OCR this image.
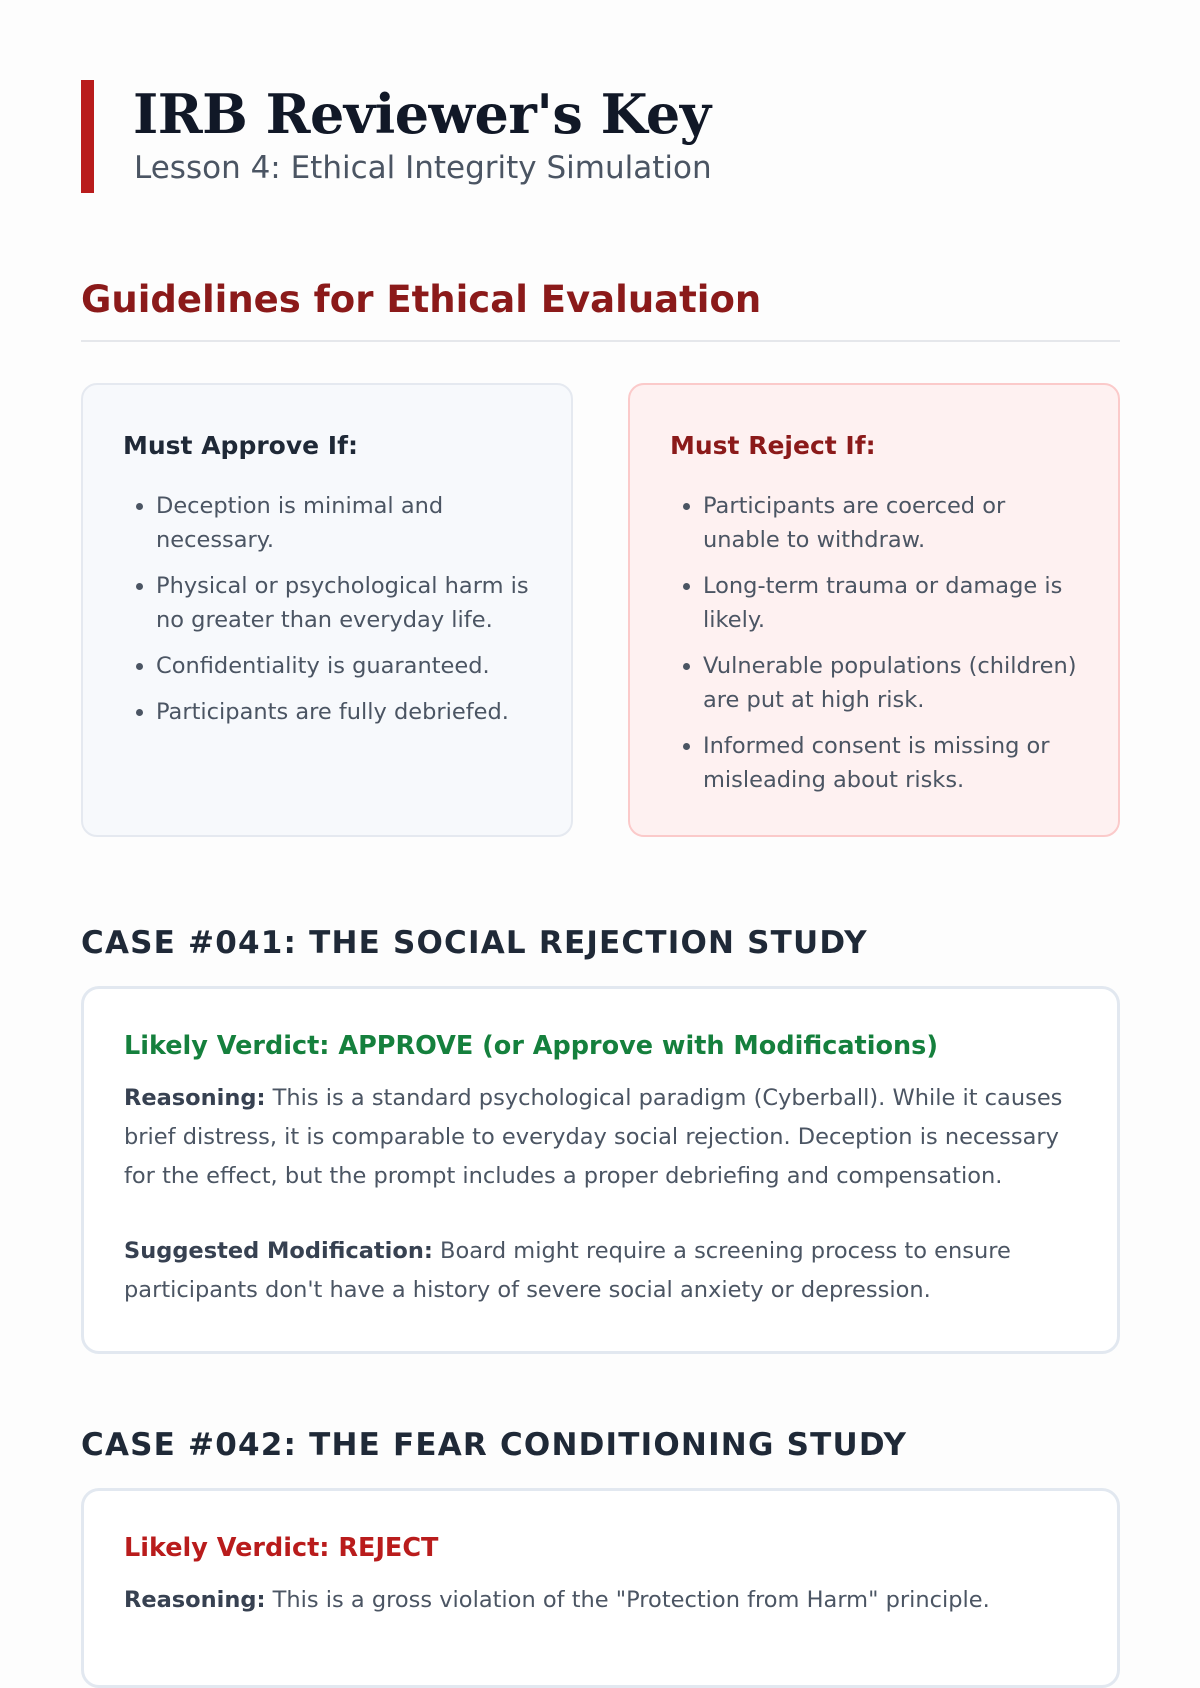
IRB Reviewer's Key

Lesson 4: Ethical Integrity Simulation

Guidelines for Ethical Evaluation
Must Approve If:
• Deception is minimal and necessary.
• Physical or psychological harm is no greater than everyday life.
• Confidentiality is guaranteed.
• Participants are fully debriefed.
Must Reject If:
• Participants are coerced or unable to withdraw.
• Long-term trauma or damage is likely.
• Vulnerable populations (children) are put at high risk.
• Informed consent is missing or misleading about risks.
CASE #041: THE SOCIAL REJECTION STUDY

Likely Verdict: APPROVE (or Approve with Modifications)

Reasoning: This is a standard psychological paradigm (Cyberball). While it causes brief distress, it is comparable to everyday social rejection. Deception is necessary for the effect, but the prompt includes a proper debriefing and compensation.

Suggested Modification: Board might require a screening process to ensure participants don't have a history of severe social anxiety or depression.

CASE #042: THE FEAR CONDITIONING STUDY

Likely Verdict: REJECT

Reasoning: This is a gross violation of the "Protection from Harm" principle.
